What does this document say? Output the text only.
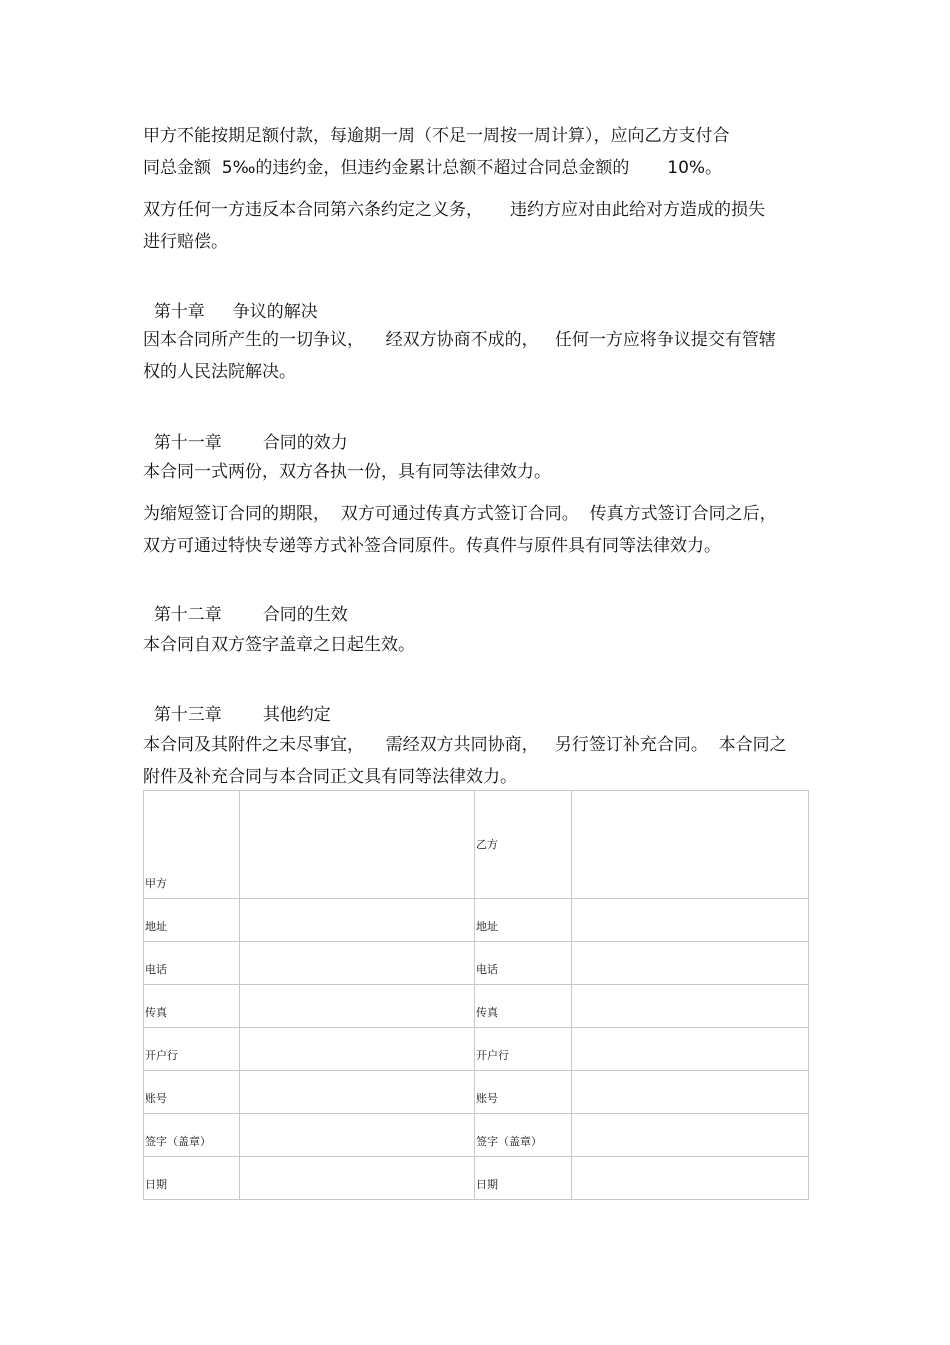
甲方不能按期足额付款，每逾期一周（不足一周按一周计算），应向乙方支付合

同总金额  5‰的违约金，但违约金累计总额不超过合同总金额的       10%。

双方任何一方违反本合同第六条约定之义务，     违约方应对由此给对方造成的损失

进行赔偿。

第十章 争议的解决

因本合同所产生的一切争议，    经双方协商不成的，   任何一方应将争议提交有管辖

权的人民法院解决。

第十一章 合同的效力

本合同一式两份，双方各执一份，具有同等法律效力。

为缩短签订合同的期限，  双方可通过传真方式签订合同。  传真方式签订合同之后，

双方可通过特快专递等方式补签合同原件。传真件与原件具有同等法律效力。

第十二章 合同的生效

本合同自双方签字盖章之日起生效。

第十三章 其他约定

本合同及其附件之未尽事宜，    需经双方共同协商，   另行签订补充合同。  本合同之

附件及补充合同与本合同正文具有同等法律效力。

甲方		乙方	
地址		地址	
电话		电话	
传真		传真	
开户行		开户行	
账号		账号	
签字（盖章）		签字（盖章）	
日期		日期	
